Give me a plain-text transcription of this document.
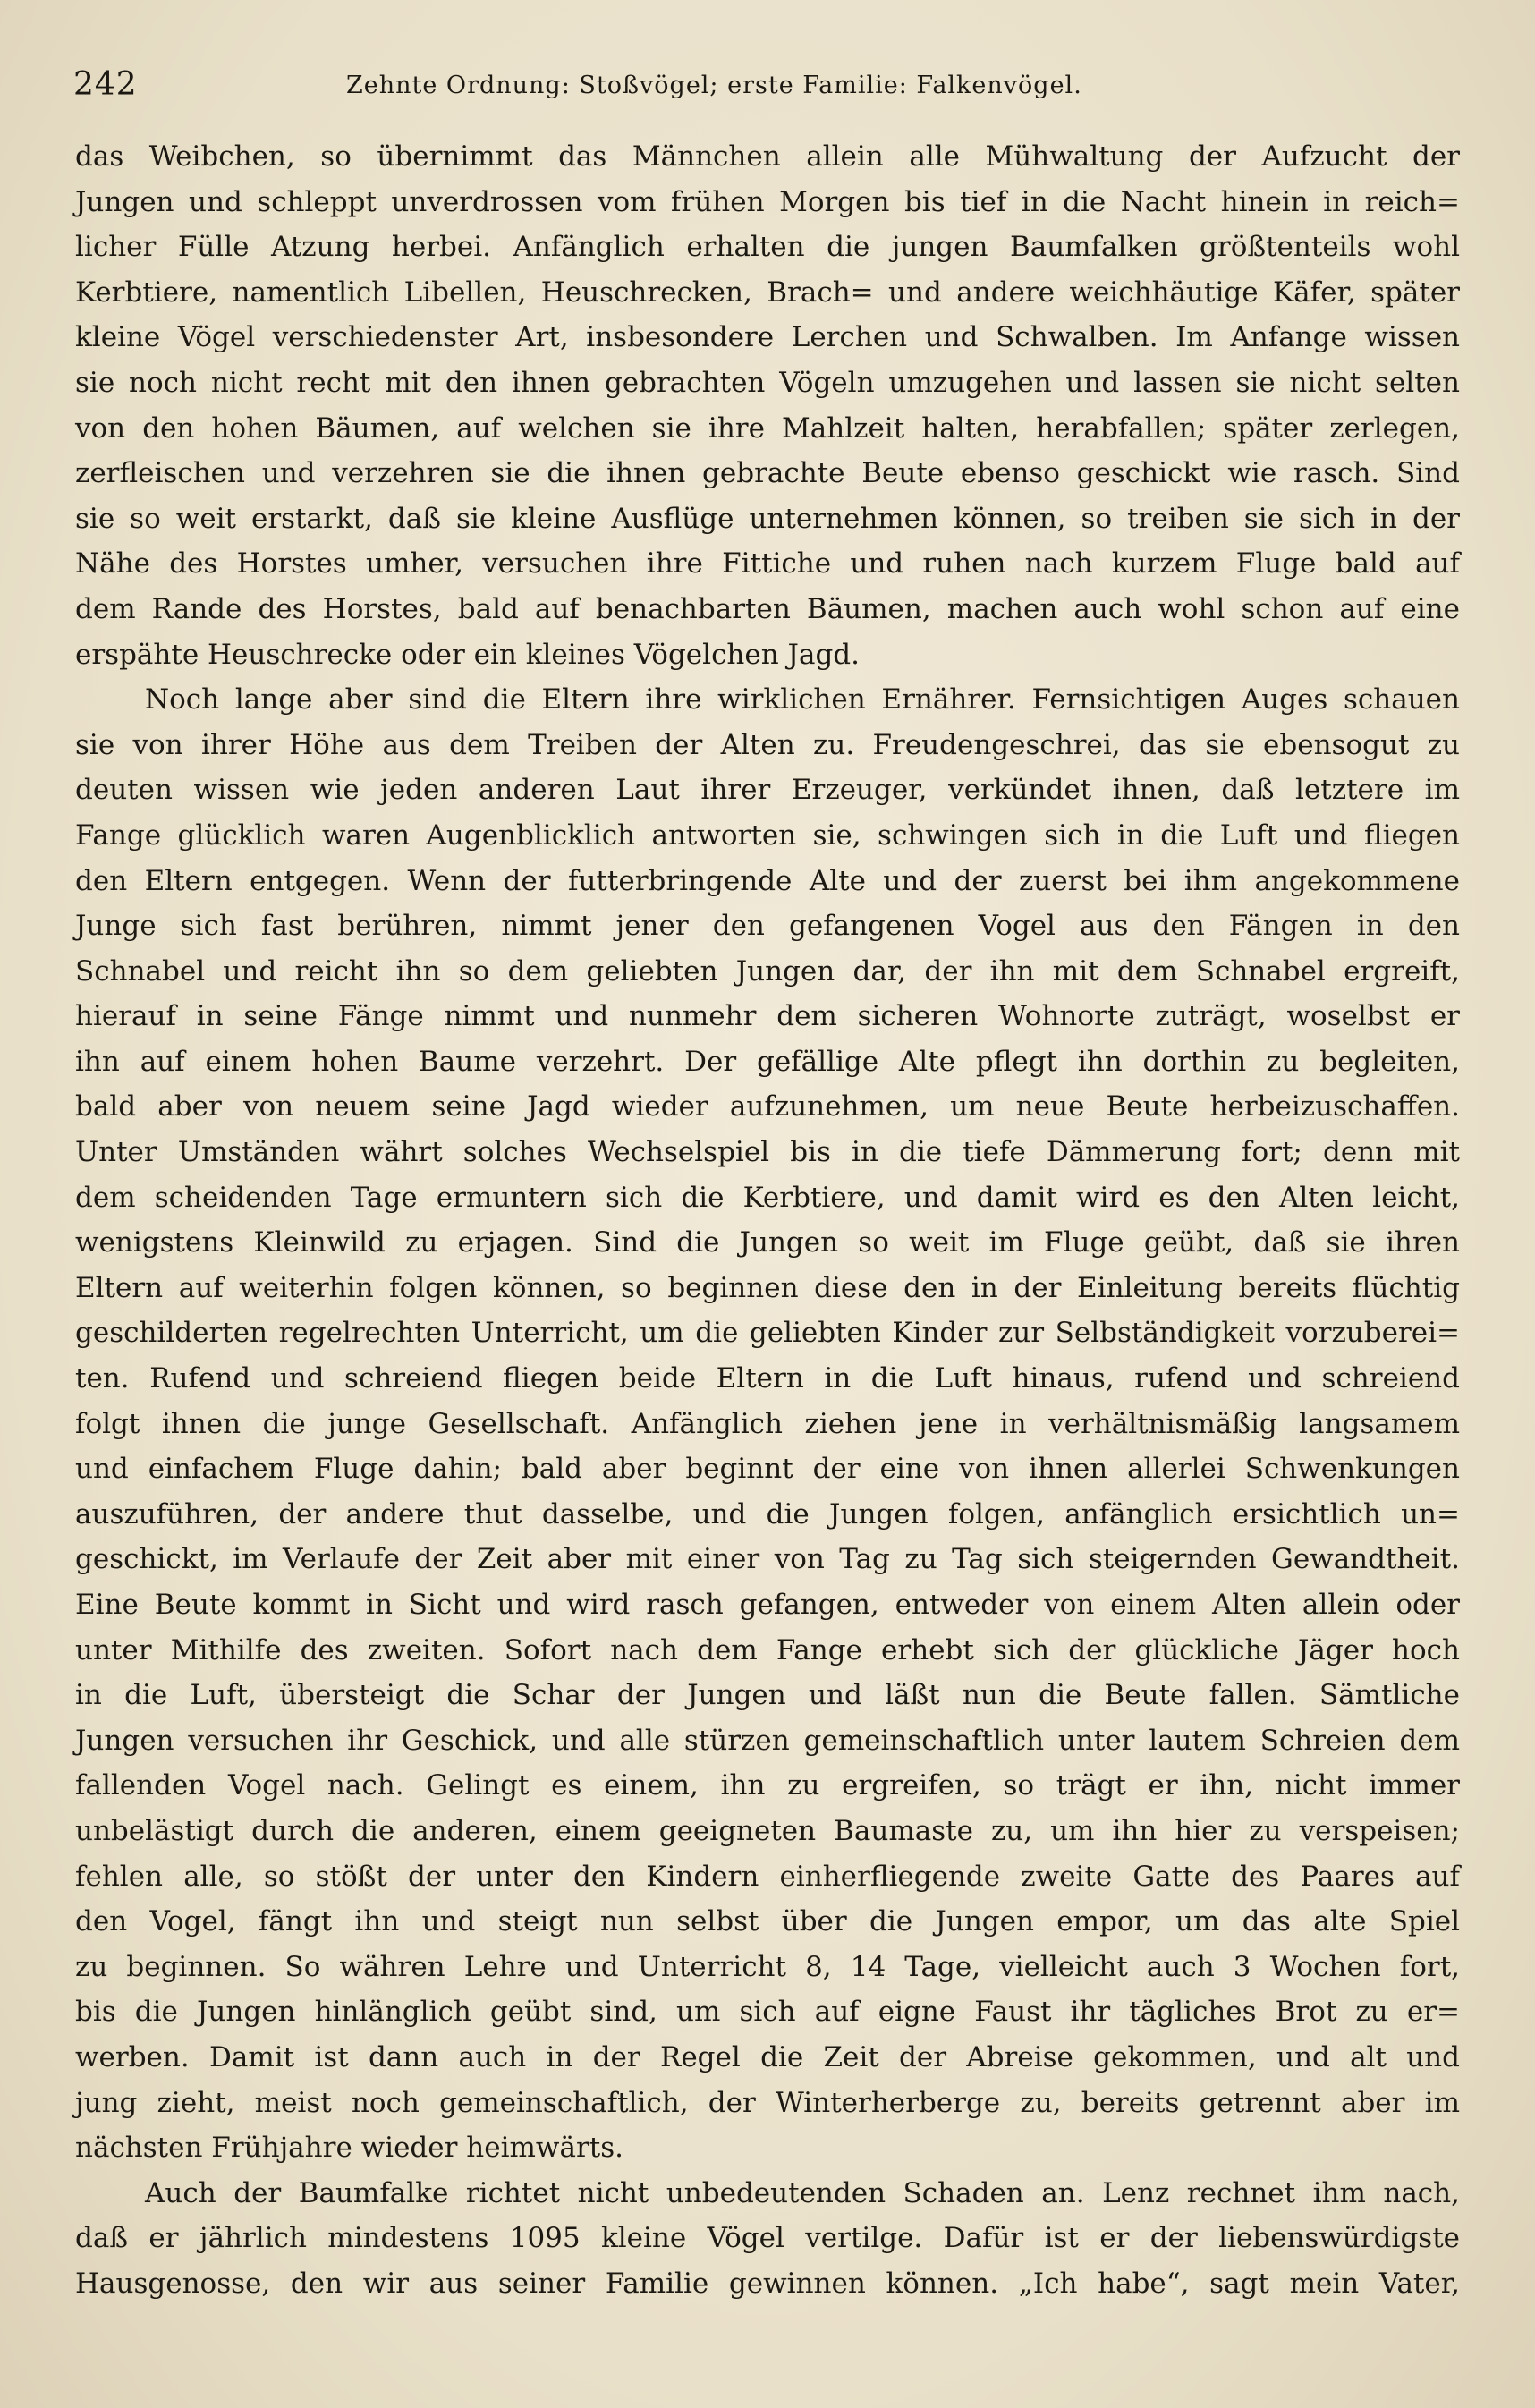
242	Zehnte Ordnung: Stoßvögel; erste Familie: Falkenvögel.
das Weibchen, so übernimmt das Männchen allein alle Mühwaltung der Aufzucht der
Jungen und schleppt unverdrossen vom frühen Morgen bis tief in die Nacht hinein in reich=
licher Fülle Atzung herbei. Anfänglich erhalten die jungen Baumfalken größtenteils wohl
Kerbtiere, namentlich Libellen, Heuschrecken, Brach= und andere weichhäutige Käfer, später
kleine Vögel verschiedenster Art, insbesondere Lerchen und Schwalben. Im Anfange wissen
sie noch nicht recht mit den ihnen gebrachten Vögeln umzugehen und lassen sie nicht selten
von den hohen Bäumen, auf welchen sie ihre Mahlzeit halten, herabfallen; später zerlegen,
zerfleischen und verzehren sie die ihnen gebrachte Beute ebenso geschickt wie rasch. Sind
sie so weit erstarkt, daß sie kleine Ausflüge unternehmen können, so treiben sie sich in der
Nähe des Horstes umher, versuchen ihre Fittiche und ruhen nach kurzem Fluge bald auf
dem Rande des Horstes, bald auf benachbarten Bäumen, machen auch wohl schon auf eine
erspähte Heuschrecke oder ein kleines Vögelchen Jagd.
Noch lange aber sind die Eltern ihre wirklichen Ernährer. Fernsichtigen Auges schauen
sie von ihrer Höhe aus dem Treiben der Alten zu. Freudengeschrei, das sie ebensogut zu
deuten wissen wie jeden anderen Laut ihrer Erzeuger, verkündet ihnen, daß letztere im
Fange glücklich waren Augenblicklich antworten sie, schwingen sich in die Luft und fliegen
den Eltern entgegen. Wenn der futterbringende Alte und der zuerst bei ihm angekommene
Junge sich fast berühren, nimmt jener den gefangenen Vogel aus den Fängen in den
Schnabel und reicht ihn so dem geliebten Jungen dar, der ihn mit dem Schnabel ergreift,
hierauf in seine Fänge nimmt und nunmehr dem sicheren Wohnorte zuträgt, woselbst er
ihn auf einem hohen Baume verzehrt. Der gefällige Alte pflegt ihn dorthin zu begleiten,
bald aber von neuem seine Jagd wieder aufzunehmen, um neue Beute herbeizuschaffen.
Unter Umständen währt solches Wechselspiel bis in die tiefe Dämmerung fort; denn mit
dem scheidenden Tage ermuntern sich die Kerbtiere, und damit wird es den Alten leicht,
wenigstens Kleinwild zu erjagen. Sind die Jungen so weit im Fluge geübt, daß sie ihren
Eltern auf weiterhin folgen können, so beginnen diese den in der Einleitung bereits flüchtig
geschilderten regelrechten Unterricht, um die geliebten Kinder zur Selbständigkeit vorzuberei=
ten. Rufend und schreiend fliegen beide Eltern in die Luft hinaus, rufend und schreiend
folgt ihnen die junge Gesellschaft. Anfänglich ziehen jene in verhältnismäßig langsamem
und einfachem Fluge dahin; bald aber beginnt der eine von ihnen allerlei Schwenkungen
auszuführen, der andere thut dasselbe, und die Jungen folgen, anfänglich ersichtlich un=
geschickt, im Verlaufe der Zeit aber mit einer von Tag zu Tag sich steigernden Gewandtheit.
Eine Beute kommt in Sicht und wird rasch gefangen, entweder von einem Alten allein oder
unter Mithilfe des zweiten. Sofort nach dem Fange erhebt sich der glückliche Jäger hoch
in die Luft, übersteigt die Schar der Jungen und läßt nun die Beute fallen. Sämtliche
Jungen versuchen ihr Geschick, und alle stürzen gemeinschaftlich unter lautem Schreien dem
fallenden Vogel nach. Gelingt es einem, ihn zu ergreifen, so trägt er ihn, nicht immer
unbelästigt durch die anderen, einem geeigneten Baumaste zu, um ihn hier zu verspeisen;
fehlen alle, so stößt der unter den Kindern einherfliegende zweite Gatte des Paares auf
den Vogel, fängt ihn und steigt nun selbst über die Jungen empor, um das alte Spiel
zu beginnen. So währen Lehre und Unterricht 8, 14 Tage, vielleicht auch 3 Wochen fort,
bis die Jungen hinlänglich geübt sind, um sich auf eigne Faust ihr tägliches Brot zu er=
werben. Damit ist dann auch in der Regel die Zeit der Abreise gekommen, und alt und
jung zieht, meist noch gemeinschaftlich, der Winterherberge zu, bereits getrennt aber im
nächsten Frühjahre wieder heimwärts.
Auch der Baumfalke richtet nicht unbedeutenden Schaden an. Lenz rechnet ihm nach,
daß er jährlich mindestens 1095 kleine Vögel vertilge. Dafür ist er der liebenswürdigste
Hausgenosse, den wir aus seiner Familie gewinnen können. „Ich habe“, sagt mein Vater,
